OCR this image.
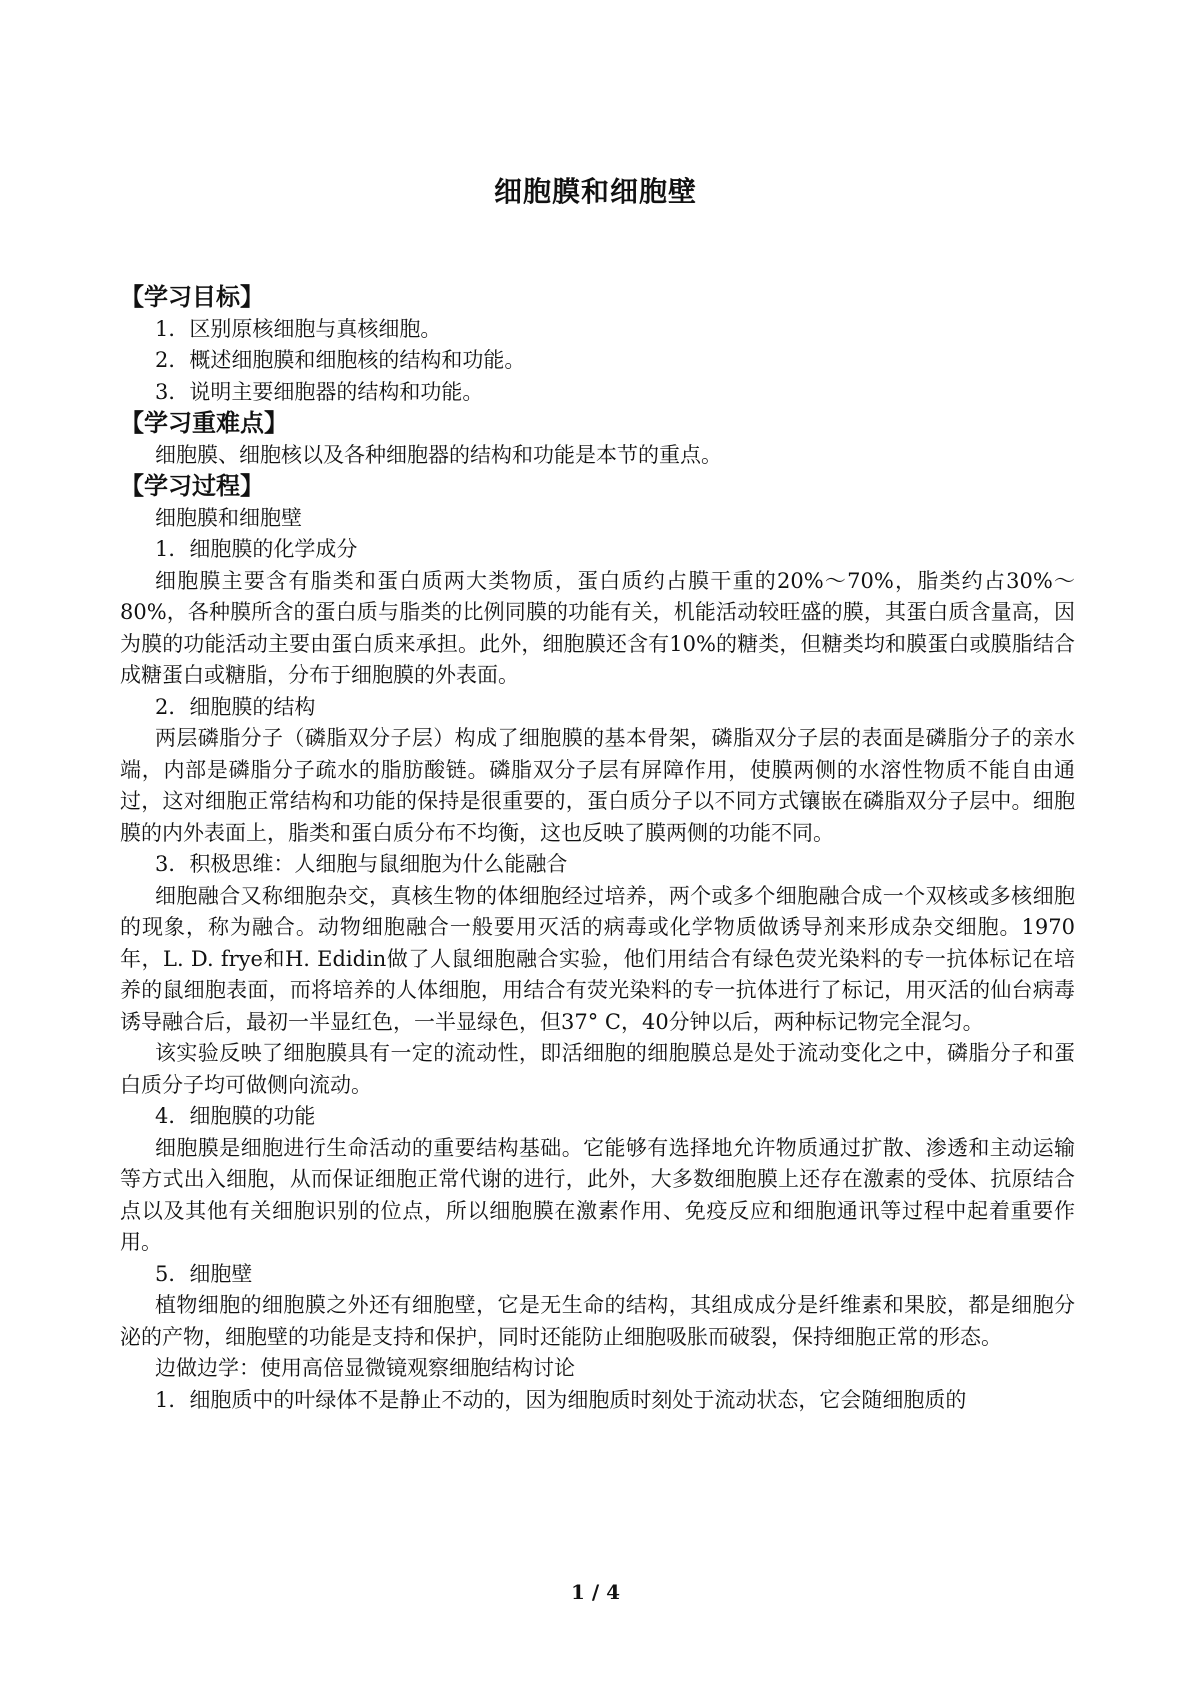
细胞膜和细胞壁
【学习目标】
1．区别原核细胞与真核细胞。
2．概述细胞膜和细胞核的结构和功能。
3．说明主要细胞器的结构和功能。
【学习重难点】

细胞膜、细胞核以及各种细胞器的结构和功能是本节的重点。

【学习过程】
细胞膜和细胞壁
1．细胞膜的化学成分

细胞膜主要含有脂类和蛋白质两大类物质，蛋白质约占膜干重的20%～70%，脂类约占30%～80%，各种膜所含的蛋白质与脂类的比例同膜的功能有关，机能活动较旺盛的膜，其蛋白质含量高，因为膜的功能活动主要由蛋白质来承担。此外，细胞膜还含有10%的糖类，但糖类均和膜蛋白或膜脂结合成糖蛋白或糖脂，分布于细胞膜的外表面。

2．细胞膜的结构

两层磷脂分子（磷脂双分子层）构成了细胞膜的基本骨架，磷脂双分子层的表面是磷脂分子的亲水端，内部是磷脂分子疏水的脂肪酸链。磷脂双分子层有屏障作用，使膜两侧的水溶性物质不能自由通过，这对细胞正常结构和功能的保持是很重要的，蛋白质分子以不同方式镶嵌在磷脂双分子层中。细胞膜的内外表面上，脂类和蛋白质分布不均衡，这也反映了膜两侧的功能不同。

3．积极思维：人细胞与鼠细胞为什么能融合

细胞融合又称细胞杂交，真核生物的体细胞经过培养，两个或多个细胞融合成一个双核或多核细胞的现象，称为融合。动物细胞融合一般要用灭活的病毒或化学物质做诱导剂来形成杂交细胞。1970年，L. D. frye和H. Edidin做了人鼠细胞融合实验，他们用结合有绿色荧光染料的专一抗体标记在培养的鼠细胞表面，而将培养的人体细胞，用结合有荧光染料的专一抗体进行了标记，用灭活的仙台病毒诱导融合后，最初一半显红色，一半显绿色，但37° C，40分钟以后，两种标记物完全混匀。

该实验反映了细胞膜具有一定的流动性，即活细胞的细胞膜总是处于流动变化之中，磷脂分子和蛋白质分子均可做侧向流动。

4．细胞膜的功能

细胞膜是细胞进行生命活动的重要结构基础。它能够有选择地允许物质通过扩散、渗透和主动运输等方式出入细胞，从而保证细胞正常代谢的进行，此外，大多数细胞膜上还存在激素的受体、抗原结合点以及其他有关细胞识别的位点，所以细胞膜在激素作用、免疫反应和细胞通讯等过程中起着重要作用。

5．细胞壁

植物细胞的细胞膜之外还有细胞壁，它是无生命的结构，其组成成分是纤维素和果胶，都是细胞分泌的产物，细胞壁的功能是支持和保护，同时还能防止细胞吸胀而破裂，保持细胞正常的形态。

边做边学：使用高倍显微镜观察细胞结构讨论

1．细胞质中的叶绿体不是静止不动的，因为细胞质时刻处于流动状态，它会随细胞质的

1 / 4
